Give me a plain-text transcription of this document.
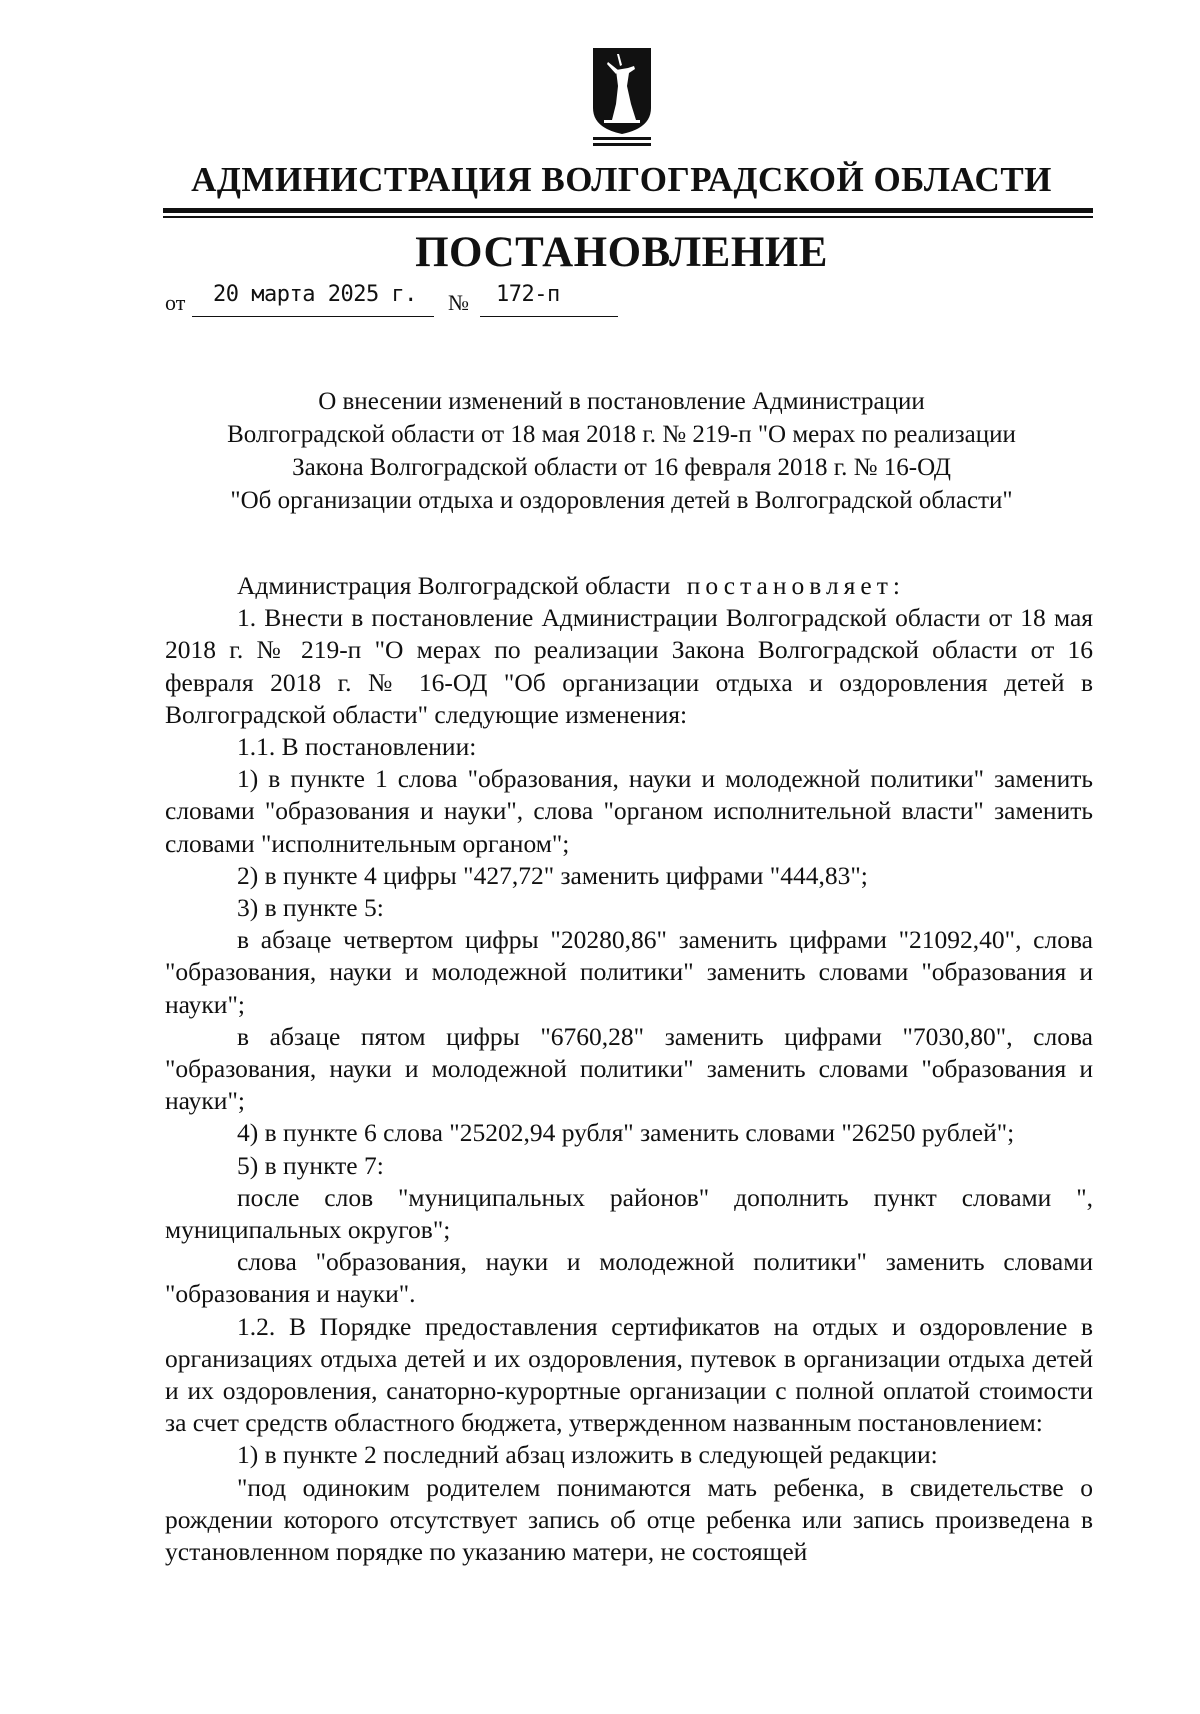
АДМИНИСТРАЦИЯ ВОЛГОГРАДСКОЙ ОБЛАСТИ
ПОСТАНОВЛЕНИЕ
от 20 марта 2025 г. № 172-п
О внесении изменений в постановление Администрации
Волгоградской области от 18 мая 2018 г. № 219-п "О мерах по реализации
Закона Волгоградской области от 16 февраля 2018 г. № 16-ОД
"Об организации отдыха и оздоровления детей в Волгоградской области"

Администрация Волгоградской области постановляет:

1. Внести в постановление Администрации Волгоградской области от 18 мая 2018 г. № 219-п "О мерах по реализации Закона Волгоградской области от 16 февраля 2018 г. № 16-ОД "Об организации отдыха и оздоровления детей в Волгоградской области" следующие изменения:

1.1. В постановлении:

1) в пункте 1 слова "образования, науки и молодежной политики" заменить словами "образования и науки", слова "органом исполнительной власти" заменить словами "исполнительным органом";

2) в пункте 4 цифры "427,72" заменить цифрами "444,83";

3) в пункте 5:

в абзаце четвертом цифры "20280,86" заменить цифрами "21092,40", слова "образования, науки и молодежной политики" заменить словами "образования и науки";

в абзаце пятом цифры "6760,28" заменить цифрами "7030,80", слова "образования, науки и молодежной политики" заменить словами "образования и науки";

4) в пункте 6 слова "25202,94 рубля" заменить словами "26250 рублей";

5) в пункте 7:

после слов "муниципальных районов" дополнить пункт словами ", муниципальных округов";

слова "образования, науки и молодежной политики" заменить словами "образования и науки".

1.2. В Порядке предоставления сертификатов на отдых и оздоровление в организациях отдыха детей и их оздоровления, путевок в организации отдыха детей и их оздоровления, санаторно-курортные организации с полной оплатой стоимости за счет средств областного бюджета, утвержденном названным постановлением:

1) в пункте 2 последний абзац изложить в следующей редакции:

"под одиноким родителем понимаются мать ребенка, в свидетельстве о рождении которого отсутствует запись об отце ребенка или запись произведена в установленном порядке по указанию матери, не состоящей
